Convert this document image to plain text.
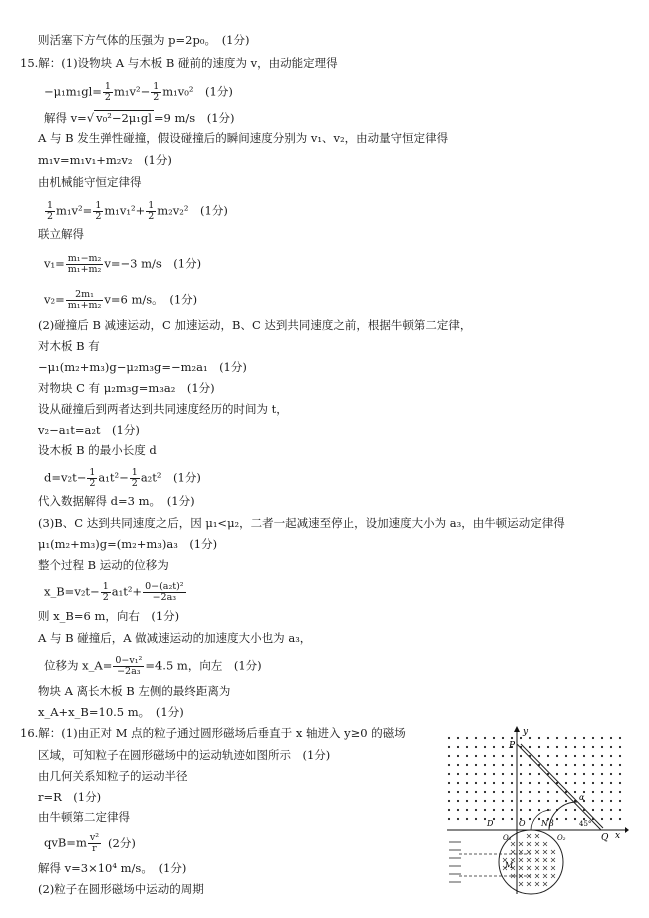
则活塞下方气体的压强为 p=2p₀。　(1分)
15.解：(1)设物块 A 与木板 B 碰前的速度为 v，由动能定理得
$-\mu_1m_1gl= \frac{1}{2} m_1v^2- \frac{1}{2} m_1v_0^2$　(1分)
解得 v=√ v₀²−2μ₁gl =9 m/s　(1分)
A 与 B 发生弹性碰撞，假设碰撞后的瞬间速度分别为 v₁、v₂，由动量守恒定律得
m₁v=m₁v₁+m₂v₂　(1分)
由机械能守恒定律得
$\frac{1}{2} m_1v^2= \frac{1}{2} m_1v_1^2+ \frac{1}{2} m_2v_2^2$　(1分)
联立解得
$v_1= \frac{\text{m₁−m₂}}{\text{m₁+m₂}} v=-3$ m/s　(1分)
$v_2= \frac{\text{2m₁}}{\text{m₁+m₂}} v=6$ m/s。　(1分)
(2)碰撞后 B 减速运动，C 加速运动，B、C 达到共同速度之前，根据牛顿第二定律，
对木板 B 有
−μ₁(m₂+m₃)g−μ₂m₃g=−m₂a₁　(1分)
对物块 C 有 μ₂m₃g=m₃a₂　(1分)
设从碰撞后到两者达到共同速度经历的时间为 t，
v₂−a₁t=a₂t　(1分)
设木板 B 的最小长度 d
$d=v_2t- \frac{1}{2} a_1t^2- \frac{1}{2} a_2t^2$　(1分)
代入数据解得 d=3 m。　(1分)
(3)B、C 达到共同速度之后，因 μ₁<μ₂，二者一起减速至停止，设加速度大小为 a₃，由牛顿运动定律得
μ₁(m₂+m₃)g=(m₂+m₃)a₃　(1分)
整个过程 B 运动的位移为
x_B=v₂t− $\frac{1}{2} a_1t^2+ \frac{\text{0−(a₂t)²}}{\text{−2a₃}}$
则 x_B=6 m，向右　(1分)
A 与 B 碰撞后，A 做减速运动的加速度大小也为 a₃，
位移为 x_A= $\frac{\text{0−v₁²}}{\text{−2a₃}} =4.5$ m，向左　(1分)
物块 A 离长木板 B 左侧的最终距离为
x_A+x_B=10.5 m。　(1分)
16.解：(1)由正对 M 点的粒子通过圆形磁场后垂直于 x 轴进入 y≥0 的磁场
区域，可知粒子在圆形磁场中的运动轨迹如图所示　(1分)
由几何关系知粒子的运动半径
r=R　(1分)
由牛顿第二定律得
$qvB=m \frac{\text{v²}}{r} (2$分)
解得 v=3×10⁴ m/s。　(1分)
(2)粒子在圆形磁场中运动的周期
y
x
P
Q
O
D
O₁	O₂
N β
α
45°
M
